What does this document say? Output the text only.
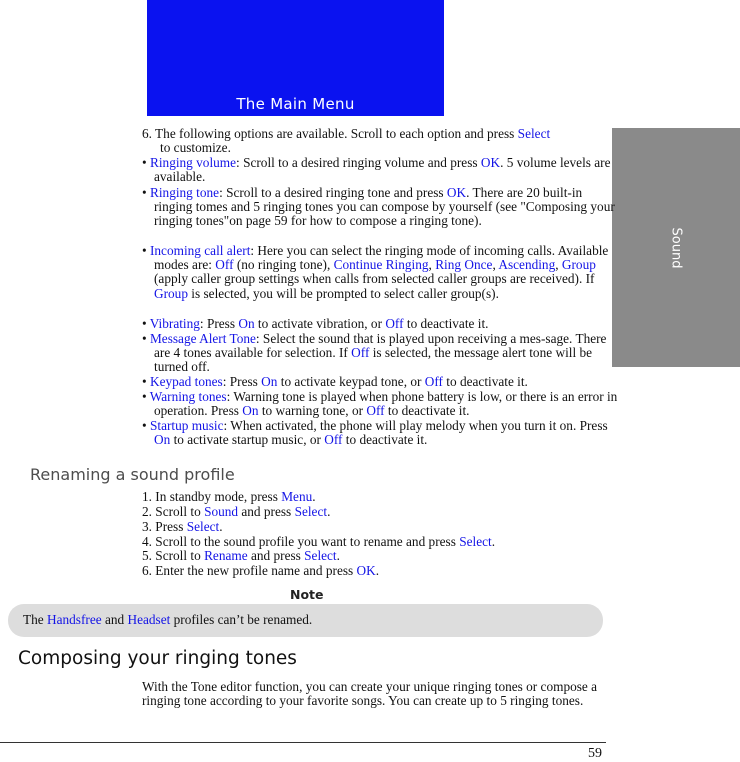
The Main Menu
Sound
6. The following options are available. Scroll to each option and press Select
to customize.
• Ringing volume: Scroll to a desired ringing volume and press OK. 5 volume levels are available.
• Ringing tone: Scroll to a desired ringing tone and press OK. There are 20 built-in ringing tomes and 5 ringing tones you can compose by yourself (see "Composing your ringing tones"on page 59 for how to compose a ringing tone).
• Incoming call alert: Here you can select the ringing mode of incoming calls. Available modes are: Off (no ringing tone), Continue Ringing, Ring Once, Ascending, Group (apply caller group settings when calls from selected caller groups are received). If Group is selected, you will be prompted to select caller group(s).
• Vibrating: Press On to activate vibration, or Off to deactivate it.
• Message Alert Tone: Select the sound that is played upon receiving a mes-sage. There are 4 tones available for selection. If Off is selected, the message alert tone will be turned off.
• Keypad tones: Press On to activate keypad tone, or Off to deactivate it.
• Warning tones: Warning tone is played when phone battery is low, or there is an error in operation. Press On to warning tone, or Off to deactivate it.
• Startup music: When activated, the phone will play melody when you turn it on. Press On to activate startup music, or Off to deactivate it.
Renaming a sound profile
1. In standby mode, press Menu.
2. Scroll to Sound and press Select.
3. Press Select.
4. Scroll to the sound profile you want to rename and press Select.
5. Scroll to Rename and press Select.
6. Enter the new profile name and press OK.
Note
The Handsfree and Headset profiles can’t be renamed.
Composing your ringing tones
With the Tone editor function, you can create your unique ringing tones or compose a ringing tone according to your favorite songs. You can create up to 5 ringing tones.
59
